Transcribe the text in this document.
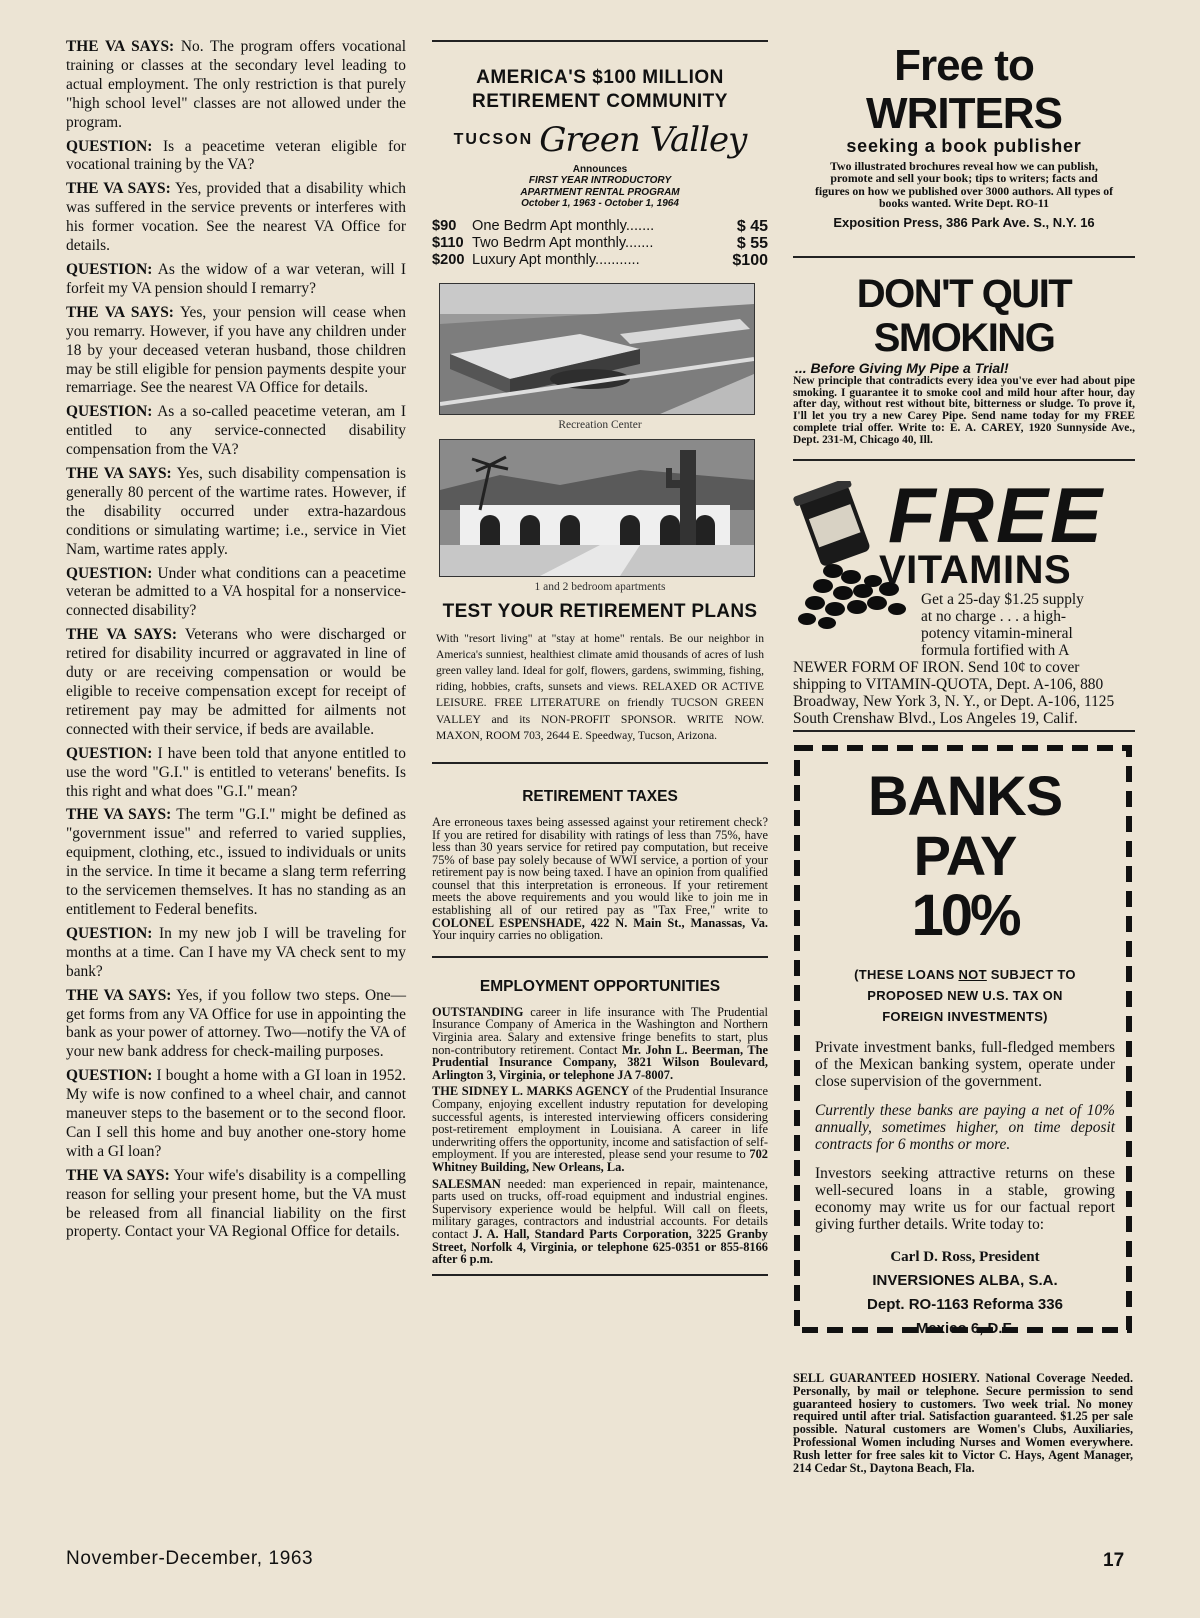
THE VA SAYS: No. The program offers vocational training or classes at the secondary level leading to actual employment. The only restriction is that purely "high school level" classes are not allowed under the program.

QUESTION: Is a peacetime veteran eligible for vocational training by the VA?

THE VA SAYS: Yes, provided that a disability which was suffered in the service prevents or interferes with his former vocation. See the nearest VA Office for details.

QUESTION: As the widow of a war veteran, will I forfeit my VA pension should I remarry?

THE VA SAYS: Yes, your pension will cease when you remarry. However, if you have any children under 18 by your deceased veteran husband, those children may be still eligible for pension payments despite your remarriage. See the nearest VA Office for details.

QUESTION: As a so-called peacetime veteran, am I entitled to any service-connected disability compensation from the VA?

THE VA SAYS: Yes, such disability compensation is generally 80 percent of the wartime rates. However, if the disability occurred under extra-hazardous conditions or simulating wartime; i.e., service in Viet Nam, wartime rates apply.

QUESTION: Under what conditions can a peacetime veteran be admitted to a VA hospital for a nonservice-connected disability?

THE VA SAYS: Veterans who were discharged or retired for disability incurred or aggravated in line of duty or are receiving compensation or would be eligible to receive compensation except for receipt of retirement pay may be admitted for ailments not connected with their service, if beds are available.

QUESTION: I have been told that anyone entitled to use the word "G.I." is entitled to veterans' benefits. Is this right and what does "G.I." mean?

THE VA SAYS: The term "G.I." might be defined as "government issue" and referred to varied supplies, equipment, clothing, etc., issued to individuals or units in the service. In time it became a slang term referring to the servicemen themselves. It has no standing as an entitlement to Federal benefits.

QUESTION: In my new job I will be traveling for months at a time. Can I have my VA check sent to my bank?

THE VA SAYS: Yes, if you follow two steps. One—get forms from any VA Office for use in appointing the bank as your power of attorney. Two—notify the VA of your new bank address for check-mailing purposes.

QUESTION: I bought a home with a GI loan in 1952. My wife is now confined to a wheel chair, and cannot maneuver steps to the basement or to the second floor. Can I sell this home and buy another one-story home with a GI loan?

THE VA SAYS: Your wife's disability is a compelling reason for selling your present home, but the VA must be released from all financial liability on the first property. Contact your VA Regional Office for details.

AMERICA'S $100 MILLION
RETIREMENT COMMUNITY
TUCSON Green Valley
Announces
FIRST YEAR INTRODUCTORY
APARTMENT RENTAL PROGRAM
October 1, 1963 - October 1, 1964
$90	One Bedrm Apt monthly.......	$ 45
$110 Two Bedrm Apt monthly.......	$ 55
$200 Luxury Apt monthly...........	$100
Recreation Center
1 and 2 bedroom apartments
TEST YOUR RETIREMENT PLANS
With "resort living" at "stay at home" rentals. Be our neighbor in America's sunniest, healthiest climate amid thousands of acres of lush green valley land. Ideal for golf, flowers, gardens, swimming, fishing, riding, hobbies, crafts, sunsets and views. RELAXED OR ACTIVE LEISURE. FREE LITERATURE on friendly TUCSON GREEN VALLEY and its NON-PROFIT SPONSOR. WRITE NOW. MAXON, ROOM 703, 2644 E. Speedway, Tucson, Arizona.
RETIREMENT TAXES
Are erroneous taxes being assessed against your retirement check? If you are retired for disability with ratings of less than 75%, have less than 30 years service for retired pay computation, but receive 75% of base pay solely because of WWI service, a portion of your retirement pay is now being taxed. I have an opinion from qualified counsel that this interpretation is erroneous. If your retirement meets the above requirements and you would like to join me in establishing all of our retired pay as "Tax Free," write to COLONEL ESPENSHADE, 422 N. Main St., Manassas, Va. Your inquiry carries no obligation.
EMPLOYMENT OPPORTUNITIES

OUTSTANDING career in life insurance with The Prudential Insurance Company of America in the Washington and Northern Virginia area. Salary and extensive fringe benefits to start, plus non-contributory retirement. Contact Mr. John L. Beerman, The Prudential Insurance Company, 3821 Wilson Boulevard, Arlington 3, Virginia, or telephone JA 7-8007.

THE SIDNEY L. MARKS AGENCY of the Prudential Insurance Company, enjoying excellent industry reputation for developing successful agents, is interested interviewing officers considering post-retirement employment in Louisiana. A career in life underwriting offers the opportunity, income and satisfaction of self-employment. If you are interested, please send your resume to 702 Whitney Building, New Orleans, La.

SALESMAN needed: man experienced in repair, maintenance, parts used on trucks, off-road equipment and industrial engines. Supervisory experience would be helpful. Will call on fleets, military garages, contractors and industrial accounts. For details contact J. A. Hall, Standard Parts Corporation, 3225 Granby Street, Norfolk 4, Virginia, or telephone 625-0351 or 855-8166 after 6 p.m.

Free to WRITERS
seeking a book publisher
Two illustrated brochures reveal how we can publish, promote and sell your book; tips to writers; facts and figures on how we published over 3000 authors. All types of books wanted. Write Dept. RO-11
Exposition Press, 386 Park Ave. S., N.Y. 16
DON'T QUIT SMOKING
... Before Giving My Pipe a Trial!
New principle that contradicts every idea you've ever had about pipe smoking. I guarantee it to smoke cool and mild hour after hour, day after day, without rest without bite, bitterness or sludge. To prove it, I'll let you try a new Carey Pipe. Send name today for my FREE complete trial offer. Write to: E. A. CAREY, 1920 Sunnyside Ave., Dept. 231-M, Chicago 40, Ill.
FREE
VITAMINS
Get a 25-day $1.25 supply
at no charge . . . a high-
potency vitamin-mineral
formula fortified with A
NEWER FORM OF IRON. Send 10¢ to cover shipping to VITAMIN-QUOTA, Dept. A-106, 880 Broadway, New York 3, N. Y., or Dept. A-106, 1125 South Crenshaw Blvd., Los Angeles 19, Calif.
BANKS PAY
10%
(THESE LOANS NOT SUBJECT TO
PROPOSED NEW U.S. TAX ON
FOREIGN INVESTMENTS)
Private investment banks, full-fledged members of the Mexican banking system, operate under close supervision of the government.
Currently these banks are paying a net of 10% annually, sometimes higher, on time deposit contracts for 6 months or more.
Investors seeking attractive returns on these well-secured loans in a stable, growing economy may write us for our factual report giving further details. Write today to:
Carl D. Ross, President
INVERSIONES ALBA, S.A.
Dept. RO-1163 Reforma 336
Mexico 6, D.F.
SELL GUARANTEED HOSIERY. National Coverage Needed. Personally, by mail or telephone. Secure permission to send guaranteed hosiery to customers. Two week trial. No money required until after trial. Satisfaction guaranteed. $1.25 per sale possible. Natural customers are Women's Clubs, Auxiliaries, Professional Women including Nurses and Women everywhere. Rush letter for free sales kit to Victor C. Hays, Agent Manager, 214 Cedar St., Daytona Beach, Fla.
November-December, 1963	17
